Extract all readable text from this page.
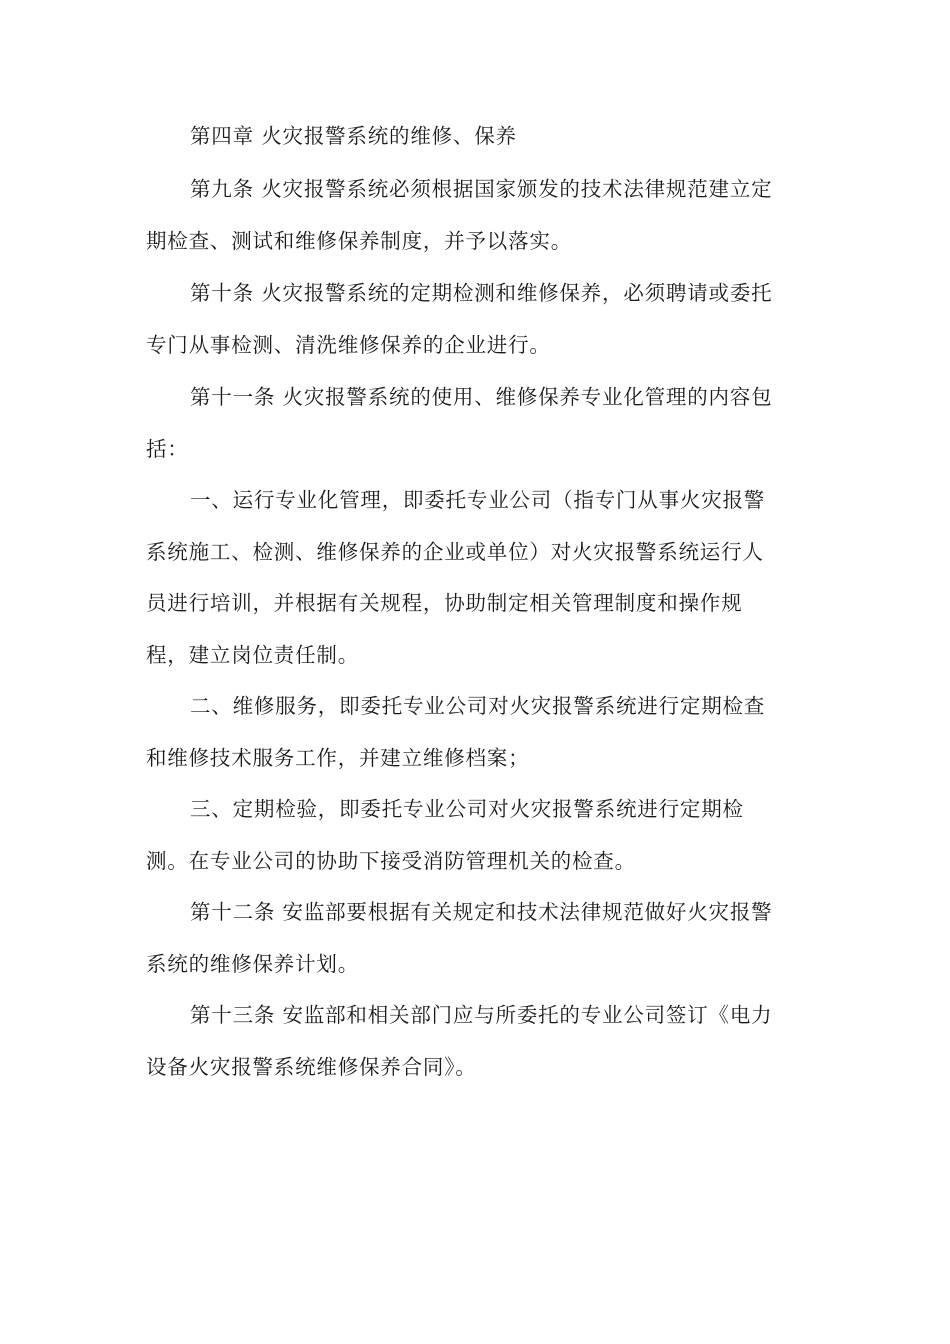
第四章 火灾报警系统的维修、保养
第九条 火灾报警系统必须根据国家颁发的技术法律规范建立定
期检查、测试和维修保养制度，并予以落实。
第十条 火灾报警系统的定期检测和维修保养，必须聘请或委托
专门从事检测、清洗维修保养的企业进行。
第十一条 火灾报警系统的使用、维修保养专业化管理的内容包
括：
一、运行专业化管理，即委托专业公司（指专门从事火灾报警
系统施工、检测、维修保养的企业或单位）对火灾报警系统运行人
员进行培训，并根据有关规程，协助制定相关管理制度和操作规
程，建立岗位责任制。
二、维修服务，即委托专业公司对火灾报警系统进行定期检查
和维修技术服务工作，并建立维修档案；
三、定期检验，即委托专业公司对火灾报警系统进行定期检
测。在专业公司的协助下接受消防管理机关的检查。
第十二条 安监部要根据有关规定和技术法律规范做好火灾报警
系统的维修保养计划。
第十三条 安监部和相关部门应与所委托的专业公司签订《电力
设备火灾报警系统维修保养合同》。
